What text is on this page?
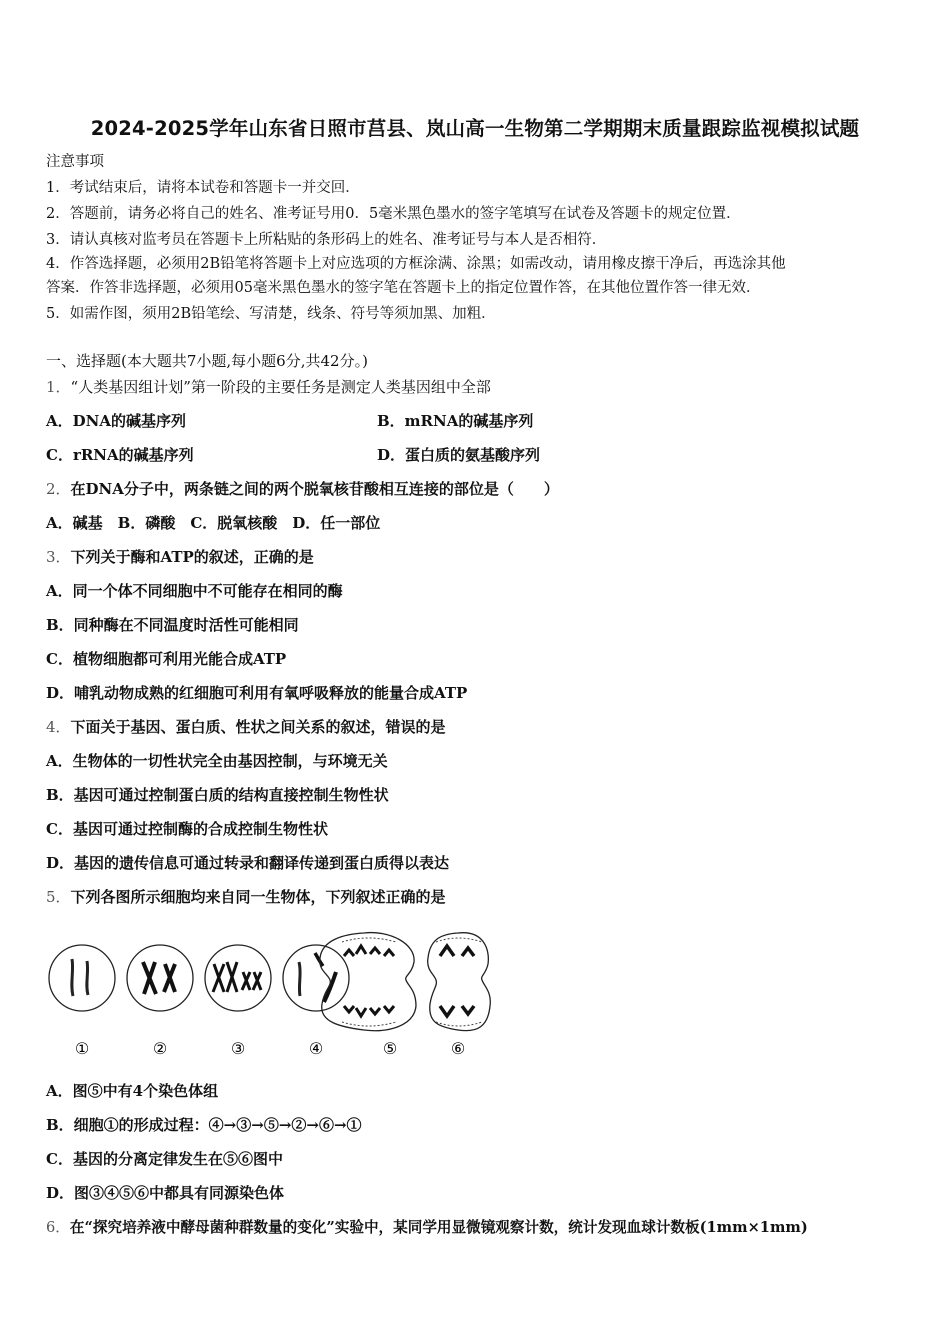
2024-2025学年山东省日照市莒县、岚山高一生物第二学期期末质量跟踪监视模拟试题
注意事项
1．考试结束后，请将本试卷和答题卡一并交回．
2．答题前，请务必将自己的姓名、准考证号用0．5毫米黑色墨水的签字笔填写在试卷及答题卡的规定位置．
3．请认真核对监考员在答题卡上所粘贴的条形码上的姓名、准考证号与本人是否相符．
4．作答选择题，必须用2B铅笔将答题卡上对应选项的方框涂满、涂黑；如需改动，请用橡皮擦干净后，再选涂其他
答案．作答非选择题，必须用05毫米黑色墨水的签字笔在答题卡上的指定位置作答，在其他位置作答一律无效．
5．如需作图，须用2B铅笔绘、写清楚，线条、符号等须加黑、加粗．
一、选择题(本大题共7小题,每小题6分,共42分。)
1．“人类基因组计划”第一阶段的主要任务是测定人类基因组中全部
A．DNA的碱基序列	B．mRNA的碱基序列
C．rRNA的碱基序列	D．蛋白质的氨基酸序列
2．在DNA分子中，两条链之间的两个脱氧核苷酸相互连接的部位是（　　）
A．碱基　B．磷酸　C．脱氧核酸　D．任一部位
3．下列关于酶和ATP的叙述，正确的是
A．同一个体不同细胞中不可能存在相同的酶
B．同种酶在不同温度时活性可能相同
C．植物细胞都可利用光能合成ATP
D．哺乳动物成熟的红细胞可利用有氧呼吸释放的能量合成ATP
4．下面关于基因、蛋白质、性状之间关系的叙述，错误的是
A．生物体的一切性状完全由基因控制，与环境无关
B．基因可通过控制蛋白质的结构直接控制生物性状
C．基因可通过控制酶的合成控制生物性状
D．基因的遗传信息可通过转录和翻译传递到蛋白质得以表达
5．下列各图所示细胞均来自同一生物体，下列叙述正确的是
①	②	③	④	⑤	⑥
A．图⑤中有4个染色体组
B．细胞①的形成过程：④→③→⑤→②→⑥→①
C．基因的分离定律发生在⑤⑥图中
D．图③④⑤⑥中都具有同源染色体
6．在“探究培养液中酵母菌种群数量的变化”实验中，某同学用显微镜观察计数，统计发现血球计数板(1mm×1mm)
